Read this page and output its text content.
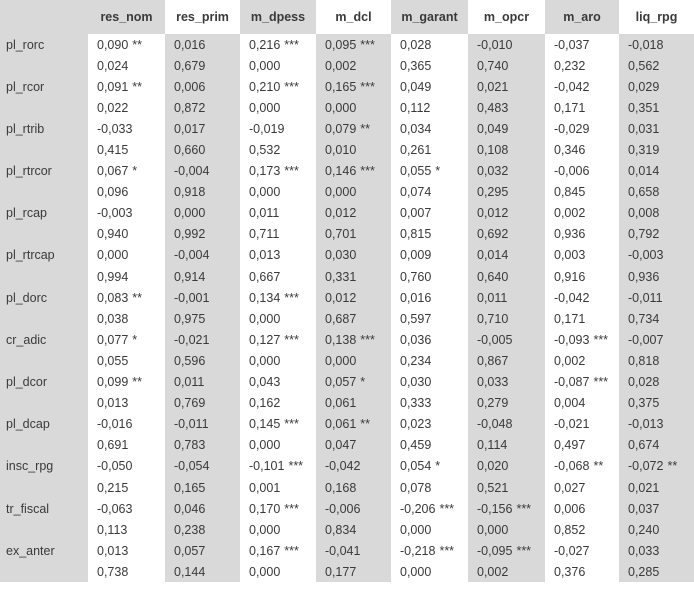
	res_nom	res_prim	m_dpess	m_dcl	m_garant	m_opcr	m_aro	liq_rpg
pl_rorc	0,090 **	0,016	0,216 ***	0,095 ***	0,028	-0,010	-0,037	-0,018
	0,024	0,679	0,000	0,002	0,365	0,740	0,232	0,562
pl_rcor	0,091 **	0,006	0,210 ***	0,165 ***	0,049	0,021	-0,042	0,029
	0,022	0,872	0,000	0,000	0,112	0,483	0,171	0,351
pl_rtrib	-0,033	0,017	-0,019	0,079 **	0,034	0,049	-0,029	0,031
	0,415	0,660	0,532	0,010	0,261	0,108	0,346	0,319
pl_rtrcor	0,067 *	-0,004	0,173 ***	0,146 ***	0,055 *	0,032	-0,006	0,014
	0,096	0,918	0,000	0,000	0,074	0,295	0,845	0,658
pl_rcap	-0,003	0,000	0,011	0,012	0,007	0,012	0,002	0,008
	0,940	0,992	0,711	0,701	0,815	0,692	0,936	0,792
pl_rtrcap	0,000	-0,004	0,013	0,030	0,009	0,014	0,003	-0,003
	0,994	0,914	0,667	0,331	0,760	0,640	0,916	0,936
pl_dorc	0,083 **	-0,001	0,134 ***	0,012	0,016	0,011	-0,042	-0,011
	0,038	0,975	0,000	0,687	0,597	0,710	0,171	0,734
cr_adic	0,077 *	-0,021	0,127 ***	0,138 ***	0,036	-0,005	-0,093 ***	-0,007
	0,055	0,596	0,000	0,000	0,234	0,867	0,002	0,818
pl_dcor	0,099 **	0,011	0,043	0,057 *	0,030	0,033	-0,087 ***	0,028
	0,013	0,769	0,162	0,061	0,333	0,279	0,004	0,375
pl_dcap	-0,016	-0,011	0,145 ***	0,061 **	0,023	-0,048	-0,021	-0,013
	0,691	0,783	0,000	0,047	0,459	0,114	0,497	0,674
insc_rpg	-0,050	-0,054	-0,101 ***	-0,042	0,054 *	0,020	-0,068 **	-0,072 **
	0,215	0,165	0,001	0,168	0,078	0,521	0,027	0,021
tr_fiscal	-0,063	0,046	0,170 ***	-0,006	-0,206 ***	-0,156 ***	0,006	0,037
	0,113	0,238	0,000	0,834	0,000	0,000	0,852	0,240
ex_anter	0,013	0,057	0,167 ***	-0,041	-0,218 ***	-0,095 ***	-0,027	0,033
	0,738	0,144	0,000	0,177	0,000	0,002	0,376	0,285
